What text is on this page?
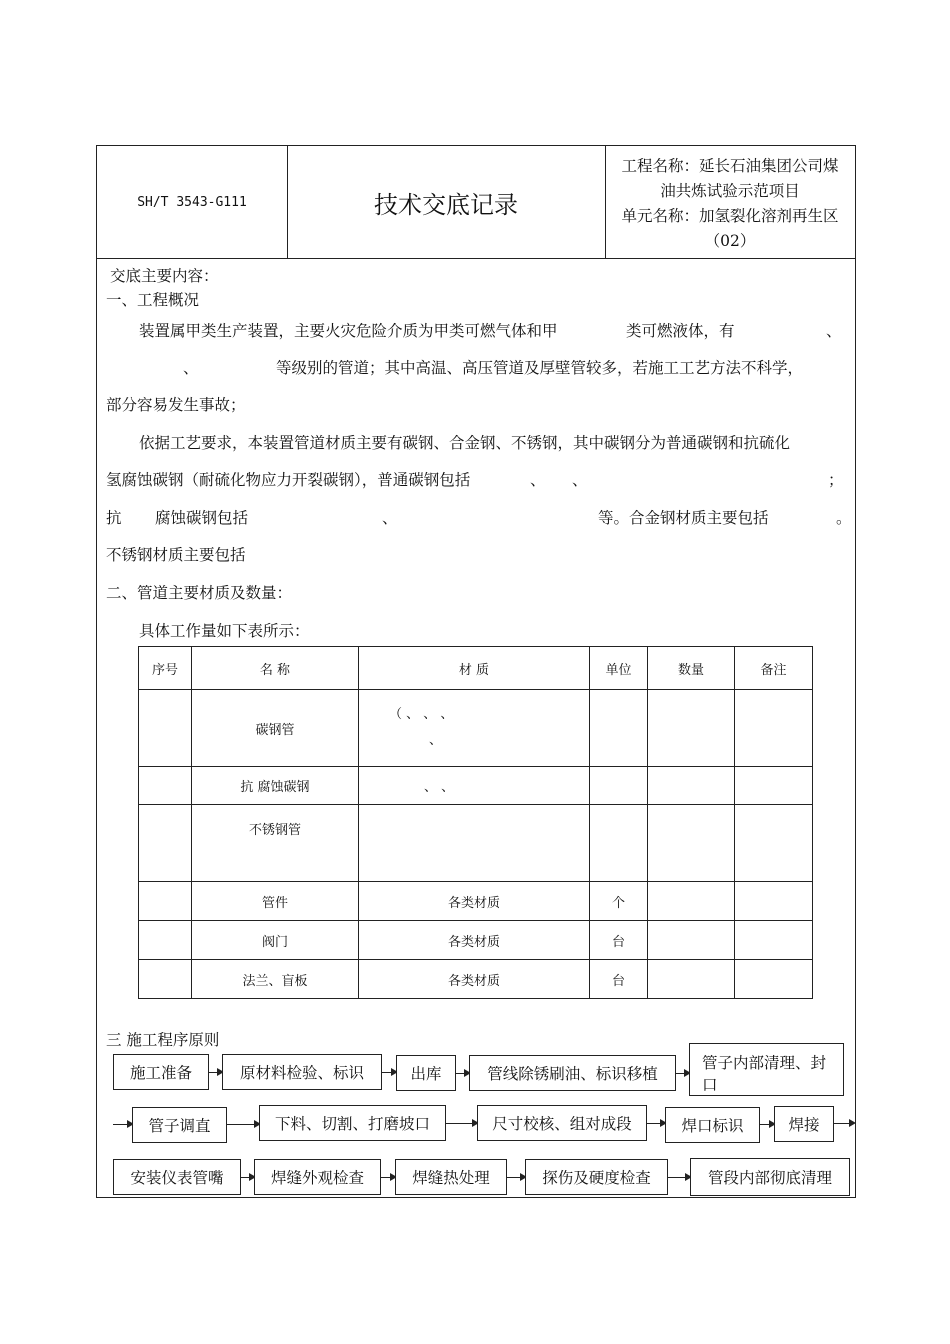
SH/T 3543-G111	技术交底记录
工程名称：延长石油集团公司煤
油共炼试验示范项目
单元名称：加氢裂化溶剂再生区
（02）
交底主要内容：
一、工程概况
装置属甲类生产装置，主要火灾危险介质为甲类可燃气体和甲	类可燃液体，有	、
、	等级别的管道；其中高温、高压管道及厚壁管较多，若施工工艺方法不科学，
部分容易发生事故；
依据工艺要求，本装置管道材质主要有碳钢、合金钢、不锈钢，其中碳钢分为普通碳钢和抗硫化
氢腐蚀碳钢（耐硫化物应力开裂碳钢），普通碳钢包括	、 、	；
抗 腐蚀碳钢包括	、	等。合金钢材质主要包括	。
不锈钢材质主要包括
二、管道主要材质及数量：
具体工作量如下表所示：
序号	名 称	材 质	单位	数量	备注
	碳钢管	（ 、 、 、
、			

	抗 腐蚀碳钢	、 、			
	不锈钢管				
	管件	各类材质	个		
	阀门	各类材质	台		
	法兰、盲板	各类材质	台		
三 施工程序原则
施工准备	原材料检验、标识	出库	管线除锈刷油、标识移植
管子内部清理、封
口
管子调直	下料、切割、打磨坡口	尺寸校核、组对成段	焊口标识	焊接
安装仪表管嘴	焊缝外观检查	焊缝热处理	探伤及硬度检查	管段内部彻底清理
